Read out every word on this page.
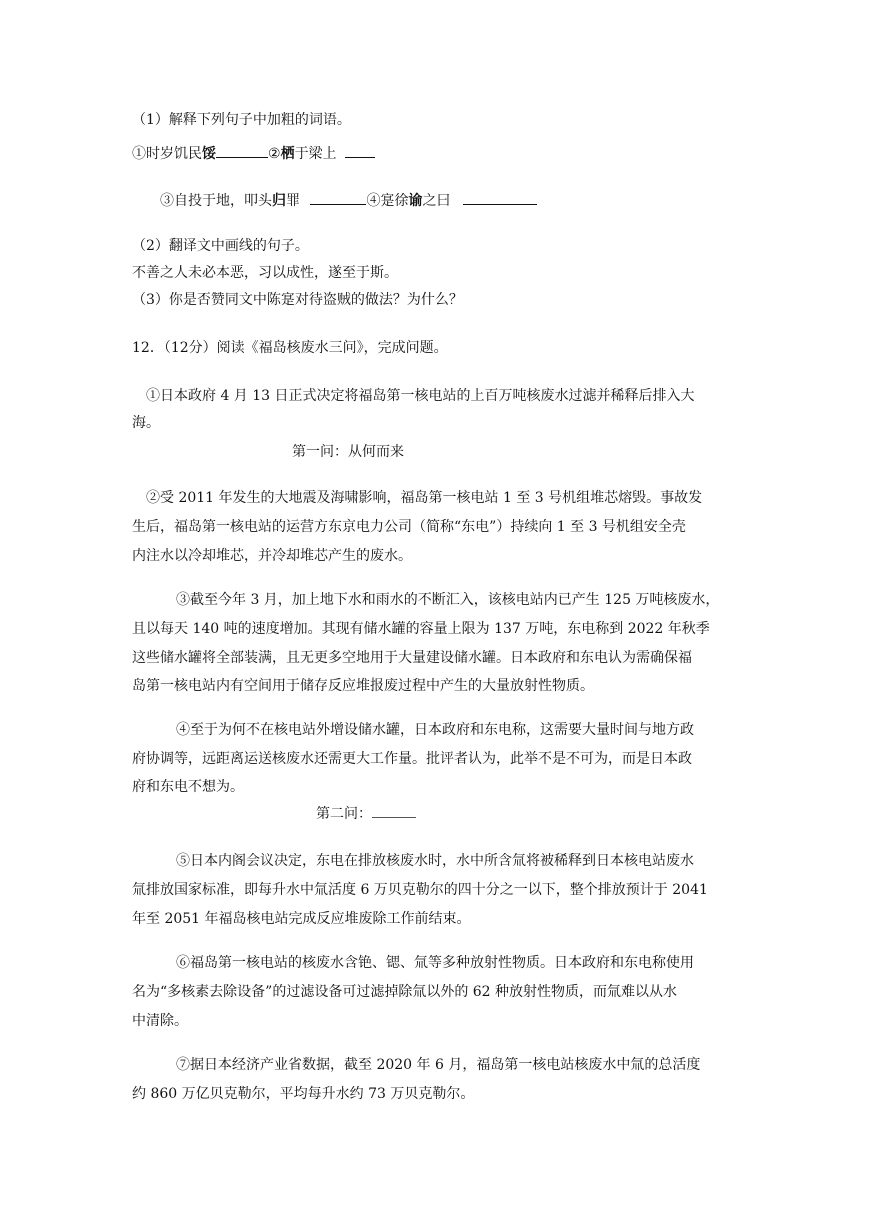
（1）解释下列句子中加粗的词语。
①时岁饥民馁	②栖于梁上
③自投于地，叩头归罪	④寔徐谕之曰
（2）翻译文中画线的句子。
不善之人未必本恶，习以成性，遂至于斯。
（3）你是否赞同文中陈寔对待盗贼的做法？为什么？
12．（12分）阅读《福岛核废水三问》，完成问题。
①日本政府 4 月 13 日正式决定将福岛第一核电站的上百万吨核废水过滤并稀释后排入大
海。
第一问：从何而来
②受 2011 年发生的大地震及海啸影响，福岛第一核电站 1 至 3 号机组堆芯熔毁。事故发
生后，福岛第一核电站的运营方东京电力公司（简称“东电”）持续向 1 至 3 号机组安全壳
内注水以冷却堆芯，并冷却堆芯产生的废水。
③截至今年 3 月，加上地下水和雨水的不断汇入，该核电站内已产生 125 万吨核废水，
且以每天 140 吨的速度增加。其现有储水罐的容量上限为 137 万吨，东电称到 2022 年秋季
这些储水罐将全部装满，且无更多空地用于大量建设储水罐。日本政府和东电认为需确保福
岛第一核电站内有空间用于储存反应堆报废过程中产生的大量放射性物质。
④至于为何不在核电站外增设储水罐，日本政府和东电称，这需要大量时间与地方政
府协调等，远距离运送核废水还需更大工作量。批评者认为，此举不是不可为，而是日本政
府和东电不想为。
第二问：
⑤日本内阁会议决定，东电在排放核废水时，水中所含氚将被稀释到日本核电站废水
氚排放国家标准，即每升水中氚活度 6 万贝克勒尔的四十分之一以下，整个排放预计于 2041
年至 2051 年福岛核电站完成反应堆废除工作前结束。
⑥福岛第一核电站的核废水含铯、锶、氚等多种放射性物质。日本政府和东电称使用
名为“多核素去除设备”的过滤设备可过滤掉除氚以外的 62 种放射性物质，而氚难以从水
中清除。
⑦据日本经济产业省数据，截至 2020 年 6 月，福岛第一核电站核废水中氚的总活度
约 860 万亿贝克勒尔，平均每升水约 73 万贝克勒尔。
